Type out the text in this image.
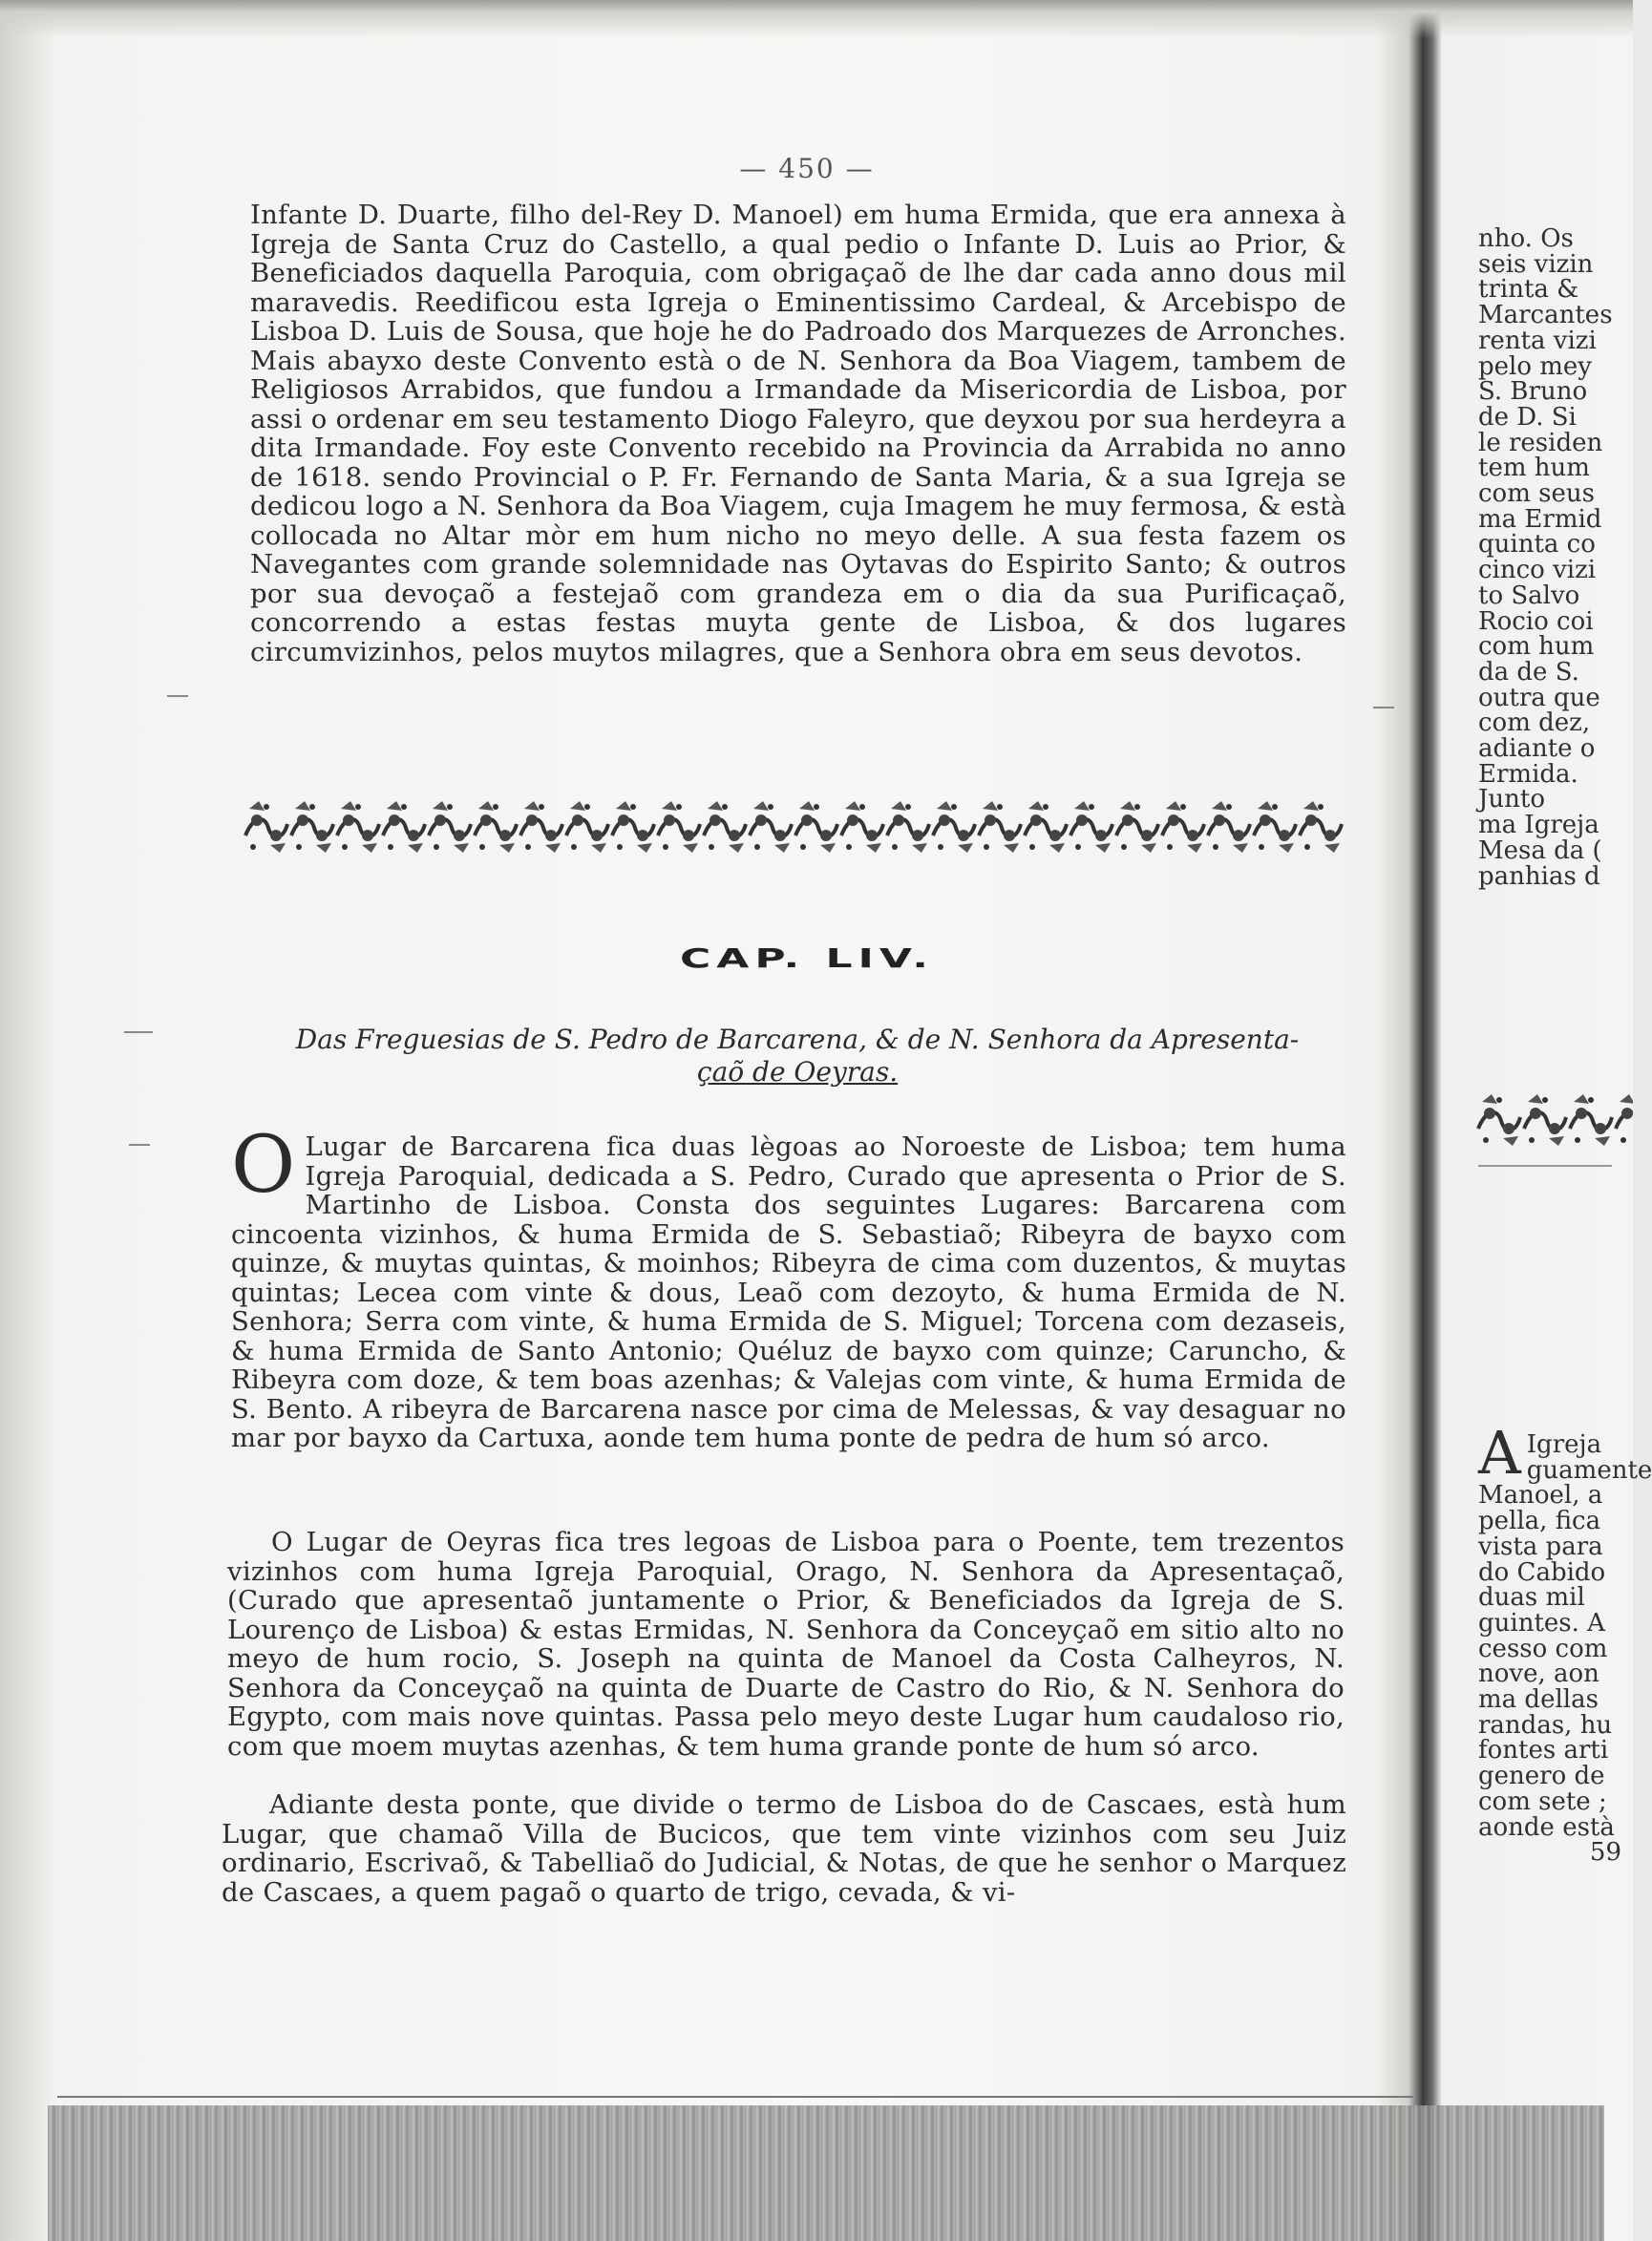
— 450 —

Infante D. Duarte, filho del-Rey D. Manoel) em huma Ermida, que era annexa à Igreja de Santa Cruz do Castello, a qual pedio o Infante D. Luis ao Prior, & Beneficiados daquella Paroquia, com obrigaçaõ de lhe dar cada anno dous mil maravedis. Reedificou esta Igreja o Eminentissimo Cardeal, & Arcebispo de Lisboa D. Luis de Sousa, que hoje he do Padroado dos Marquezes de Arronches. Mais abayxo deste Convento està o de N. Senhora da Boa Viagem, tambem de Religiosos Arrabidos, que fundou a Irmandade da Misericordia de Lisboa, por assi o ordenar em seu testamento Diogo Faleyro, que deyxou por sua herdeyra a dita Irmandade. Foy este Convento recebido na Provincia da Arrabida no anno de 1618. sendo Provincial o P. Fr. Fernando de Santa Maria, & a sua Igreja se dedicou logo a N. Senhora da Boa Viagem, cuja Imagem he muy fermosa, & està collocada no Altar mòr em hum nicho no meyo delle. A sua festa fazem os Navegantes com grande solemnidade nas Oytavas do Espirito Santo; & outros por sua devoçaõ a festejaõ com grandeza em o dia da sua Purificaçaõ, concorrendo a estas festas muyta gente de Lisboa, & dos lugares circumvizinhos, pelos muytos milagres, que a Senhora obra em seus devotos.

CAP. LIV.
Das Freguesias de S. Pedro de Barcarena, & de N. Senhora da Apresenta-
çaõ de Oeyras.

O Lugar de Barcarena fica duas lègoas ao Noroeste de Lisboa; tem huma Igreja Paroquial, dedicada a S. Pedro, Curado que apresenta o Prior de S. Martinho de Lisboa. Consta dos seguintes Lugares: Barcarena com cincoenta vizinhos, & huma Ermida de S. Sebastiaõ; Ribeyra de bayxo com quinze, & muytas quintas, & moinhos; Ribeyra de cima com duzentos, & muytas quintas; Lecea com vinte & dous, Leaõ com dezoyto, & huma Ermida de N. Senhora; Serra com vinte, & huma Ermida de S. Miguel; Torcena com dezaseis, & huma Ermida de Santo Antonio; Quéluz de bayxo com quinze; Caruncho, & Ribeyra com doze, & tem boas azenhas; & Valejas com vinte, & huma Ermida de S. Bento. A ribeyra de Barcarena nasce por cima de Melessas, & vay desaguar no mar por bayxo da Cartuxa, aonde tem huma ponte de pedra de hum só arco.

O Lugar de Oeyras fica tres legoas de Lisboa para o Poente, tem trezentos vizinhos com huma Igreja Paroquial, Orago, N. Senhora da Apresentaçaõ, (Curado que apresentaõ juntamente o Prior, & Beneficiados da Igreja de S. Lourenço de Lisboa) & estas Ermidas, N. Senhora da Conceyçaõ em sitio alto no meyo de hum rocio, S. Joseph na quinta de Manoel da Costa Calheyros, N. Senhora da Conceyçaõ na quinta de Duarte de Castro do Rio, & N. Senhora do Egypto, com mais nove quintas. Passa pelo meyo deste Lugar hum caudaloso rio, com que moem muytas azenhas, & tem huma grande ponte de hum só arco.

Adiante desta ponte, que divide o termo de Lisboa do de Cascaes, està hum Lugar, que chamaõ Villa de Bucicos, que tem vinte vizinhos com seu Juiz ordinario, Escrivaõ, & Tabelliaõ do Judicial, & Notas, de que he senhor o Marquez de Cascaes, a quem pagaõ o quarto de trigo, cevada, & vi-

nho. Os
seis vizin
trinta &
Marcantes
renta vizi
pelo mey
S. Bruno
de D. Si
le residen
tem hum
com seus
ma Ermid
quinta co
cinco vizi
to Salvo
Rocio coi
com hum
da de S.
outra que
com dez,
adiante o
Ermida.
Junto
ma Igreja
Mesa da (
panhias d
A Igreja
guamente
Manoel, a
pella, fica
vista para
do Cabido
duas mil
guintes. A
cesso com
nove, aon
ma dellas
randas, hu
fontes arti
genero de
com sete ;
aonde està
59
